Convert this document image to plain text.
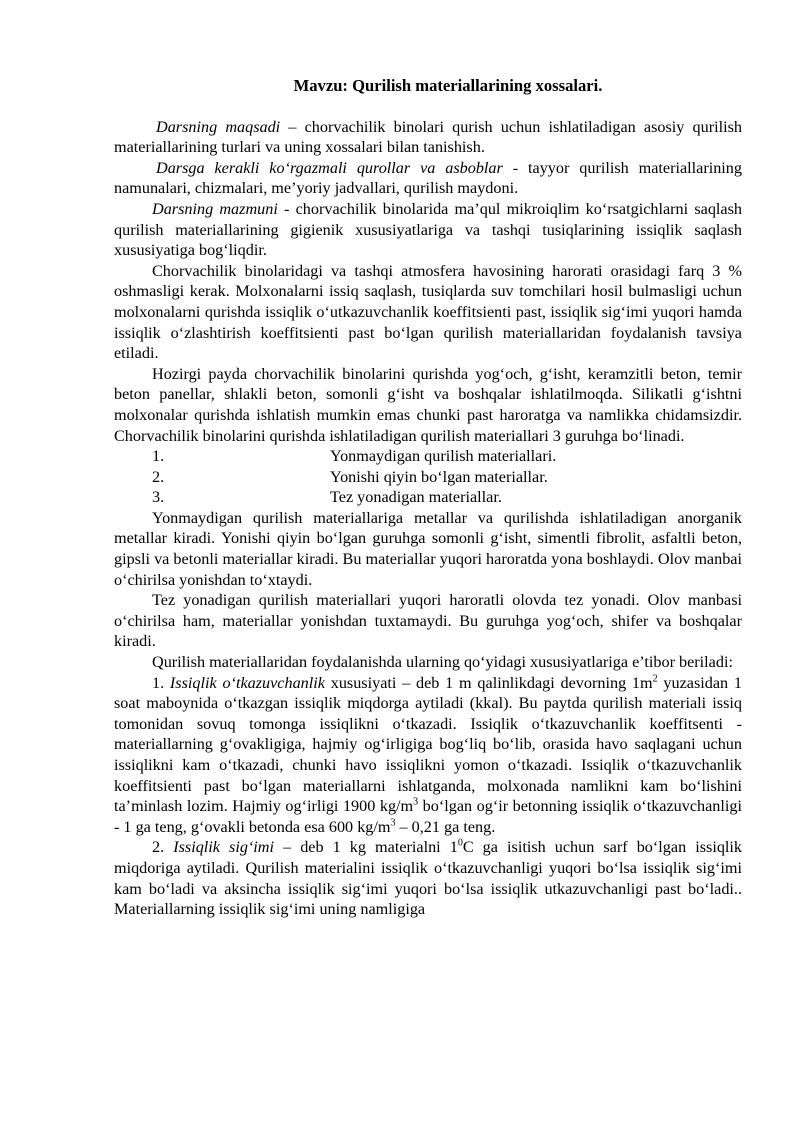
Mavzu: Qurilish materiallarining xossalari.

Darsning maqsadi – chorvachilik binolari qurish uchun ishlatiladigan asosiy qurilish materiallarining turlari va uning xossalari bilan tanishish.

Darsga kerakli ko‘rgazmali qurollar va asboblar - tayyor qurilish materiallarining namunalari, chizmalari, me’yoriy jadvallari, qurilish maydoni.

Darsning mazmuni - chorvachilik binolarida ma’qul mikroiqlim ko‘rsatgichlarni saqlash qurilish materiallarining gigienik xususiyatlariga va tashqi tusiqlarining issiqlik saqlash xususiyatiga bog‘liqdir.

Chorvachilik binolaridagi va tashqi atmosfera havosining harorati orasidagi farq 3 % oshmasligi kerak. Molxonalarni issiq saqlash, tusiqlarda suv tomchilari hosil bulmasligi uchun molxonalarni qurishda issiqlik o‘utkazuvchanlik koeffitsienti past, issiqlik sig‘imi yuqori hamda issiqlik o‘zlashtirish koeffitsienti past bo‘lgan qurilish materiallaridan foydalanish tavsiya etiladi.

Hozirgi payda chorvachilik binolarini qurishda yog‘och, g‘isht, keramzitli beton, temir beton panellar, shlakli beton, somonli g‘isht va boshqalar ishlatilmoqda. Silikatli g‘ishtni molxonalar qurishda ishlatish mumkin emas chunki past haroratga va namlikka chidamsizdir. Chorvachilik binolarini qurishda ishlatiladigan qurilish materiallari 3 guruhga bo‘linadi.

1.	Yonmaydigan qurilish materiallari.
2.	Yonishi qiyin bo‘lgan materiallar.
3.	Tez yonadigan materiallar.

Yonmaydigan qurilish materiallariga metallar va qurilishda ishlatiladigan anorganik metallar kiradi. Yonishi qiyin bo‘lgan guruhga somonli g‘isht, simentli fibrolit, asfaltli beton, gipsli va betonli materiallar kiradi. Bu materiallar yuqori haroratda yona boshlaydi. Olov manbai o‘chirilsa yonishdan to‘xtaydi.

Tez yonadigan qurilish materiallari yuqori haroratli olovda tez yonadi. Olov manbasi o‘chirilsa ham, materiallar yonishdan tuxtamaydi. Bu guruhga yog‘och, shifer va boshqalar kiradi.

Qurilish materiallaridan foydalanishda ularning qo‘yidagi xususiyatlariga e’tibor beriladi:

1. Issiqlik o‘tkazuvchanlik xususiyati – deb 1 m qalinlikdagi devorning $1m^2$ yuzasidan 1 soat maboynida o‘tkazgan issiqlik miqdorga aytiladi (kkal). Bu paytda qurilish materiali issiq tomonidan sovuq tomonga issiqlikni o‘tkazadi. Issiqlik o‘tkazuvchanlik koeffitsenti - materiallarning g‘ovakligiga, hajmiy og‘irligiga bog‘liq bo‘lib, orasida havo saqlagani uchun issiqlikni kam o‘tkazadi, chunki havo issiqlikni yomon o‘tkazadi. Issiqlik o‘tkazuvchanlik koeffitsienti past bo‘lgan materiallarni ishlatganda, molxonada namlikni kam bo‘lishini ta’minlash lozim. Hajmiy og‘irligi 1900 $kg/m^3$ bo‘lgan og‘ir betonning issiqlik o‘tkazuvchanligi - 1 ga teng, g‘ovakli betonda esa 600 $kg/m^3 - 0,21$ ga teng.

2. Issiqlik sig‘imi – deb 1 kg materialni $1^0C$ ga isitish uchun sarf bo‘lgan issiqlik miqdoriga aytiladi. Qurilish materialini issiqlik o‘tkazuvchanligi yuqori bo‘lsa issiqlik sig‘imi kam bo‘ladi va aksincha issiqlik sig‘imi yuqori bo‘lsa issiqlik utkazuvchanligi past bo‘ladi.. Materiallarning issiqlik sig‘imi uning namligiga
